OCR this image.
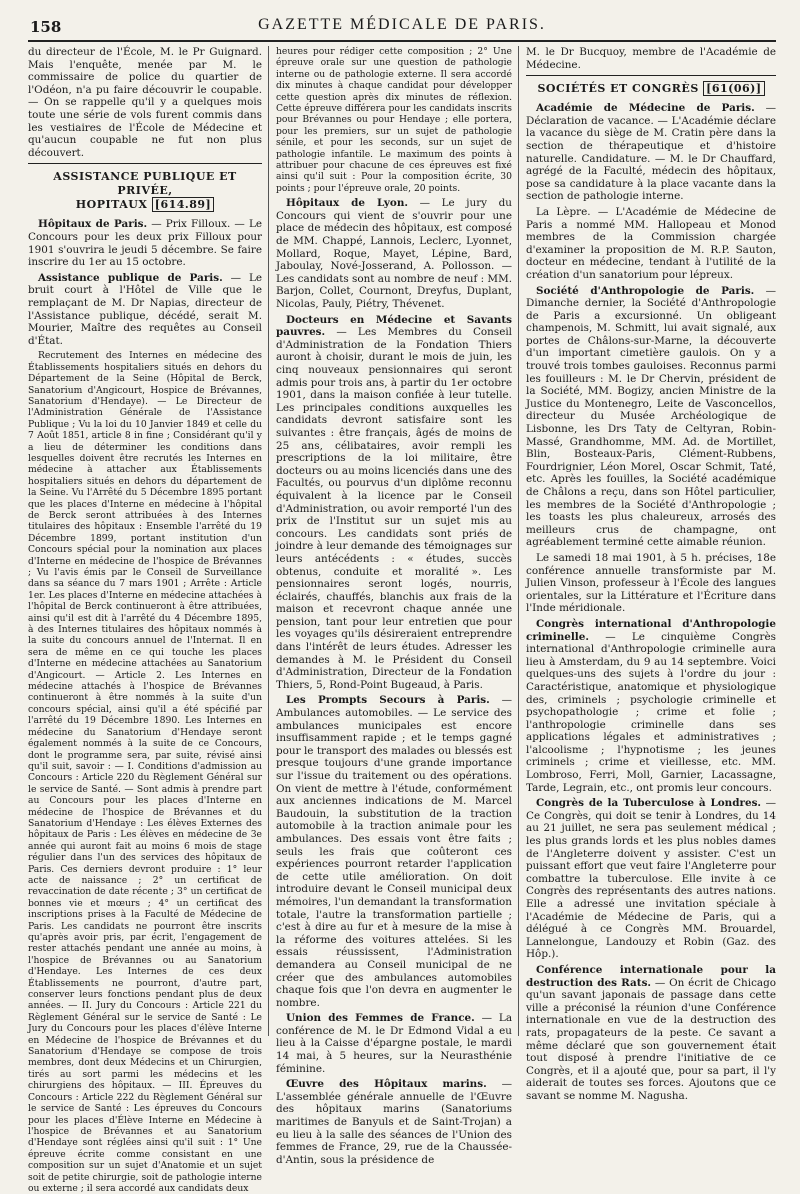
158	GAZETTE MÉDICALE DE PARIS.

du directeur de l'École, M. le Pr Guignard. Mais l'enquête, menée par M. le commissaire de police du quartier de l'Odéon, n'a pu faire découvrir le coupable. — On se rappelle qu'il y a quelques mois toute une série de vols furent commis dans les vestiaires de l'École de Médecine et qu'aucun coupable ne fut non plus découvert.

ASSISTANCE PUBLIQUE ET PRIVÉE,
HOPITAUX [614.89]

Hôpitaux de Paris. — Prix Filloux. — Le Concours pour les deux prix Filloux pour 1901 s'ouvrira le jeudi 5 décembre. Se faire inscrire du 1er au 15 octobre.

Assistance publique de Paris. — Le bruit court à l'Hôtel de Ville que le remplaçant de M. Dr Napias, directeur de l'Assistance publique, décédé, serait M. Mourier, Maître des requêtes au Conseil d'État.

Recrutement des Internes en médecine des Établissements hospitaliers situés en dehors du Département de la Seine (Hôpital de Berck, Sanatorium d'Angicourt, Hospice de Brévannes, Sanatorium d'Hendaye). — Le Directeur de l'Administration Générale de l'Assistance Publique ; Vu la loi du 10 Janvier 1849 et celle du 7 Août 1851, article 8 in fine ; Considérant qu'il y a lieu de déterminer les conditions dans lesquelles doivent être recrutés les Internes en médecine à attacher aux Établissements hospitaliers situés en dehors du département de la Seine. Vu l'Arrêté du 5 Décembre 1895 portant que les places d'Interne en médecine à l'hôpital de Berck seront attribuées à des Internes titulaires des hôpitaux : Ensemble l'arrêté du 19 Décembre 1899, portant institution d'un Concours spécial pour la nomination aux places d'Interne en médecine de l'hospice de Brévannes ; Vu l'avis émis par le Conseil de Surveillance dans sa séance du 7 mars 1901 ; Arrête : Article 1er. Les places d'Interne en médecine attachées à l'hôpital de Berck continueront à être attribuées, ainsi qu'il est dit à l'arrêté du 4 Décembre 1895, à des Internes titulaires des hôpitaux nommés à la suite du concours annuel de l'Internat. Il en sera de même en ce qui touche les places d'Interne en médecine attachées au Sanatorium d'Angicourt. — Article 2. Les Internes en médecine attachés à l'hospice de Brévannes continueront à être nommés à la suite d'un concours spécial, ainsi qu'il a été spécifié par l'arrêté du 19 Décembre 1890. Les Internes en médecine du Sanatorium d'Hendaye seront également nommés à la suite de ce Concours, dont le programme sera, par suite, révisé ainsi qu'il suit, savoir : — I. Conditions d'admission au Concours : Article 220 du Règlement Général sur le service de Santé. — Sont admis à prendre part au Concours pour les places d'Interne en médecine de l'hospice de Brévannes et du Sanatorium d'Hendaye : Les élèves Externes des hôpitaux de Paris : Les élèves en médecine de 3e année qui auront fait au moins 6 mois de stage régulier dans l'un des services des hôpitaux de Paris. Ces derniers devront produire : 1° leur acte de naissance ; 2° un certificat de revaccination de date récente ; 3° un certificat de bonnes vie et mœurs ; 4° un certificat des inscriptions prises à la Faculté de Médecine de Paris. Les candidats ne pourront être inscrits qu'après avoir pris, par écrit, l'engagement de rester attachés pendant une année au moins, à l'hospice de Brévannes ou au Sanatorium d'Hendaye. Les Internes de ces deux Établissements ne pourront, d'autre part, conserver leurs fonctions pendant plus de deux années. — II. Jury du Concours : Article 221 du Règlement Général sur le service de Santé : Le Jury du Concours pour les places d'élève Interne en Médecine de l'hospice de Brévannes et du Sanatorium d'Hendaye se compose de trois membres, dont deux Médecins et un Chirurgien, tirés au sort parmi les médecins et les chirurgiens des hôpitaux. — III. Épreuves du Concours : Article 222 du Règlement Général sur le service de Santé : Les épreuves du Concours pour les places d'Élève Interne en Médecine à l'hospice de Brévannes et au Sanatorium d'Hendaye sont réglées ainsi qu'il suit : 1° Une épreuve écrite comme consistant en une composition sur un sujet d'Anatomie et un sujet soit de petite chirurgie, soit de pathologie interne ou externe ; il sera accordé aux candidats deux

heures pour rédiger cette composition ; 2° Une épreuve orale sur une question de pathologie interne ou de pathologie externe. Il sera accordé dix minutes à chaque candidat pour développer cette question après dix minutes de réflexion. Cette épreuve différera pour les candidats inscrits pour Brévannes ou pour Hendaye ; elle portera, pour les premiers, sur un sujet de pathologie sénile, et pour les seconds, sur un sujet de pathologie infantile. Le maximum des points à attribuer pour chacune de ces épreuves est fixé ainsi qu'il suit : Pour la composition écrite, 30 points ; pour l'épreuve orale, 20 points.

Hôpitaux de Lyon. — Le jury du Concours qui vient de s'ouvrir pour une place de médecin des hôpitaux, est composé de MM. Chappé, Lannois, Leclerc, Lyonnet, Mollard, Roque, Mayet, Lépine, Bard, Jaboulay, Nové-Josserand, A. Pollosson. — Les candidats sont au nombre de neuf : MM. Barjon, Collet, Cournont, Dreyfus, Duplant, Nicolas, Pauly, Piétry, Thévenet.

Docteurs en Médecine et Savants pauvres. — Les Membres du Conseil d'Administration de la Fondation Thiers auront à choisir, durant le mois de juin, les cinq nouveaux pensionnaires qui seront admis pour trois ans, à partir du 1er octobre 1901, dans la maison confiée à leur tutelle. Les principales conditions auxquelles les candidats devront satisfaire sont les suivantes : être français, âgés de moins de 25 ans, célibataires, avoir rempli les prescriptions de la loi militaire, être docteurs ou au moins licenciés dans une des Facultés, ou pourvus d'un diplôme reconnu équivalent à la licence par le Conseil d'Administration, ou avoir remporté l'un des prix de l'Institut sur un sujet mis au concours. Les candidats sont priés de joindre à leur demande des témoignages sur leurs antécédents : « études, succès obtenus, conduite et moralité ». Les pensionnaires seront logés, nourris, éclairés, chauffés, blanchis aux frais de la maison et recevront chaque année une pension, tant pour leur entretien que pour les voyages qu'ils désireraient entreprendre dans l'intérêt de leurs études. Adresser les demandes à M. le Président du Conseil d'Administration, Directeur de la Fondation Thiers, 5, Rond-Point Bugeaud, à Paris.

Les Prompts Secours à Paris. — Ambulances automobiles. — Le service des ambulances municipales est encore insuffisamment rapide ; et le temps gagné pour le transport des malades ou blessés est presque toujours d'une grande importance sur l'issue du traitement ou des opérations. On vient de mettre à l'étude, conformément aux anciennes indications de M. Marcel Baudouin, la substitution de la traction automobile à la traction animale pour les ambulances. Des essais vont être faits ; seuls les frais que coûteront ces expériences pourront retarder l'application de cette utile amélioration. On doit introduire devant le Conseil municipal deux mémoires, l'un demandant la transformation totale, l'autre la transformation partielle ; c'est à dire au fur et à mesure de la mise à la réforme des voitures attelées. Si les essais réussissent, l'Administration demandera au Conseil municipal de ne créer que des ambulances automobiles chaque fois que l'on devra en augmenter le nombre.

Union des Femmes de France. — La conférence de M. le Dr Edmond Vidal a eu lieu à la Caisse d'épargne postale, le mardi 14 mai, à 5 heures, sur la Neurasthénie féminine.

Œuvre des Hôpitaux marins. — L'assemblée générale annuelle de l'Œuvre des hôpitaux marins (Sanatoriums maritimes de Banyuls et de Saint-Trojan) a eu lieu à la salle des séances de l'Union des femmes de France, 29, rue de la Chaussée-d'Antin, sous la présidence de

M. le Dr Bucquoy, membre de l'Académie de Médecine.

SOCIÉTÉS ET CONGRÈS [61(06)]

Académie de Médecine de Paris. — Déclaration de vacance. — L'Académie déclare la vacance du siège de M. Cratin père dans la section de thérapeutique et d'histoire naturelle. Candidature. — M. le Dr Chauffard, agrégé de la Faculté, médecin des hôpitaux, pose sa candidature à la place vacante dans la section de pathologie interne.

La Lèpre. — L'Académie de Médecine de Paris a nommé MM. Hallopeau et Monod membres de la Commission chargée d'examiner la proposition de M. R.P. Sauton, docteur en médecine, tendant à l'utilité de la création d'un sanatorium pour lépreux.

Société d'Anthropologie de Paris. — Dimanche dernier, la Société d'Anthropologie de Paris a excursionné. Un obligeant champenois, M. Schmitt, lui avait signalé, aux portes de Châlons-sur-Marne, la découverte d'un important cimetière gaulois. On y a trouvé trois tombes gauloises. Reconnus parmi les fouilleurs : M. le Dr Chervin, président de la Société, MM. Bogizy, ancien Ministre de la Justice du Montenegro, Leite de Vasconcellos, directeur du Musée Archéologique de Lisbonne, les Drs Taty de Celtyran, Robin-Massé, Grandhomme, MM. Ad. de Mortillet, Blin, Bosteaux-Paris, Clément-Rubbens, Fourdrignier, Léon Morel, Oscar Schmit, Taté, etc. Après les fouilles, la Société académique de Châlons a reçu, dans son Hôtel particulier, les membres de la Société d'Anthropologie ; les toasts les plus chaleureux, arrosés des meilleurs crus de champagne, ont agréablement terminé cette aimable réunion.

Le samedi 18 mai 1901, à 5 h. précises, 18e conférence annuelle transformiste par M. Julien Vinson, professeur à l'École des langues orientales, sur la Littérature et l'Écriture dans l'Inde méridionale.

Congrès international d'Anthropologie criminelle. — Le cinquième Congrès international d'Anthropologie criminelle aura lieu à Amsterdam, du 9 au 14 septembre. Voici quelques-uns des sujets à l'ordre du jour : Caractéristique, anatomique et physiologique des, criminels ; psychologie criminelle et psychopathologie ; crime et folie ; l'anthropologie criminelle dans ses applications légales et administratives ; l'alcoolisme ; l'hypnotisme ; les jeunes criminels ; crime et vieillesse, etc. MM. Lombroso, Ferri, Moll, Garnier, Lacassagne, Tarde, Legrain, etc., ont promis leur concours.

Congrès de la Tuberculose à Londres. — Ce Congrès, qui doit se tenir à Londres, du 14 au 21 juillet, ne sera pas seulement médical ; les plus grands lords et les plus nobles dames de l'Angleterre doivent y assister. C'est un puissant effort que veut faire l'Angleterre pour combattre la tuberculose. Elle invite à ce Congrès des représentants des autres nations. Elle a adressé une invitation spéciale à l'Académie de Médecine de Paris, qui a délégué à ce Congrès MM. Brouardel, Lannelongue, Landouzy et Robin (Gaz. des Hôp.).

Conférence internationale pour la destruction des Rats. — On écrit de Chicago qu'un savant japonais de passage dans cette ville a préconisé la réunion d'une Conférence internationale en vue de la destruction des rats, propagateurs de la peste. Ce savant a même déclaré que son gouvernement était tout disposé à prendre l'initiative de ce Congrès, et il a ajouté que, pour sa part, il l'y aiderait de toutes ses forces. Ajoutons que ce savant se nomme M. Nagusha.
